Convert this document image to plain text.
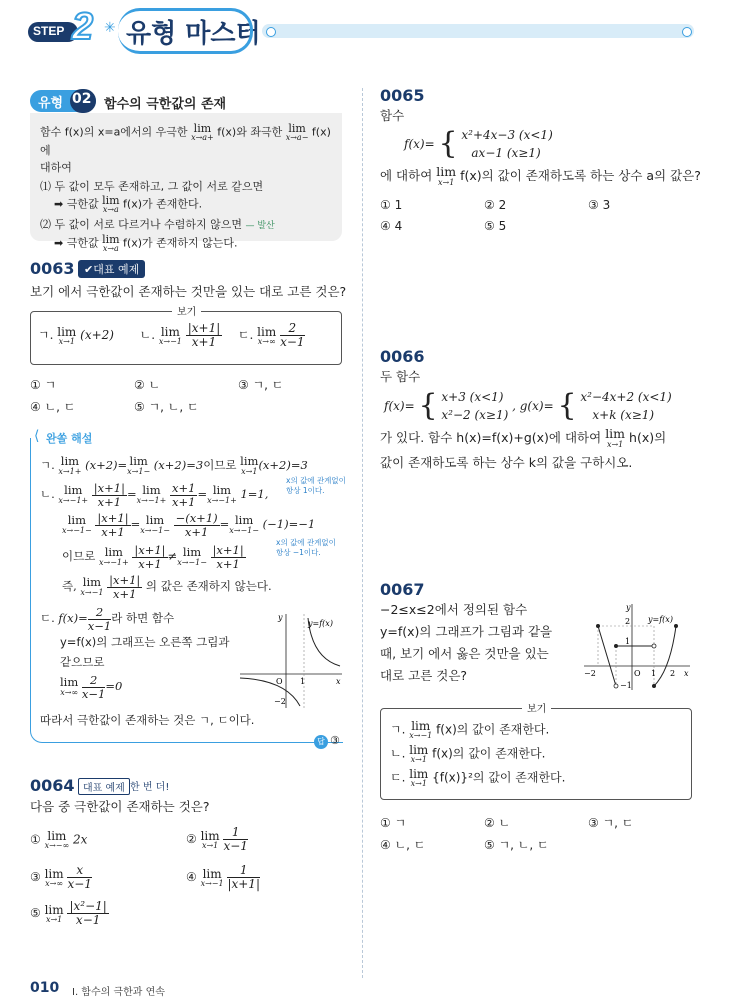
STEP 2 ✳ 유형 마스터
유형 02 함수의 극한값의 존재
함수 f(x)의 x=a에서의 우극한 lim
x→a+ f(x)와 좌극한 lim
x→a− f(x)에
대하여
⑴ 두 값이 모두 존재하고, 그 값이 서로 같으면
➡ 극한값 lim
x→a f(x)가 존재한다.
⑵ 두 값이 서로 다르거나 수렴하지 않으면 — 발산
➡ 극한값 lim
x→a f(x)가 존재하지 않는다.
0063 ✔대표 예제
보기 에서 극한값이 존재하는 것만을 있는 대로 고른 것은?
보기
ㄱ. lim
x→1 (x+2) ㄴ. lim
x→−1
$\frac{|x+1|}{x+1}$ ㄷ. lim
x→∞
$\frac{2}{x-1}$
① ㄱ	② ㄴ	③ ㄱ, ㄷ
④ ㄴ, ㄷ	⑤ ㄱ, ㄴ, ㄷ
⟨ 완쏠 해설
ㄱ. lim
x→1+ (x+2)= lim
x→1− (x+2)=3이므로 lim
x→1 (x+2)=3
ㄴ. lim
x→−1+
$\frac{|x+1|}{x+1} = \lim$
x→−1+
$\frac{x+1}{x+1} = \lim$
x→−1+ 1=1,
x의 값에 관계없이 항상 1이다.
lim
x→−1−
$\frac{|x+1|}{x+1} = \lim$
x→−1−
$\frac{-(x+1)}{x+1} = \lim$
x→−1− (−1)=−1
x의 값에 관계없이 항상 −1이다.
이므로 lim
x→−1+
$\frac{|x+1|}{x+1} \ne \lim$
x→−1−
$\frac{|x+1|}{x+1}$
즉, lim
x→−1
$\frac{|x+1|}{x+1}$ 의 값은 존재하지 않는다.
ㄷ. $f(x)= \frac{2}{x-1}$ 라 하면 함수
y=f(x)의 그래프는 오른쪽 그림과
같으므로
lim
x→∞
$\frac{2}{x-1} =0$
따라서 극한값이 존재하는 것은 ㄱ, ㄷ이다.
답 ③
y
y=f(x)
O 1	x
−2
0064 대표 예제 한 번 더!
다음 중 극한값이 존재하는 것은?
① lim
x→−∞ 2x	② lim
x→1
$\frac{1}{x-1}$
③ lim
x→∞
$\frac{x}{x-1}$	④ lim
x→−1
$\frac{1}{|x+1|}$
⑤ lim
x→1
$\frac{\text{|x²−1|}}{x-1}$
010 Ⅰ. 함수의 극한과 연속
0065
함수
f(x)= { x²+4x−3 (x<1)
ax−1 (x≥1)
에 대하여 lim
x→1 f(x)의 값이 존재하도록 하는 상수 a의 값은?
① 1	② 2	③ 3
④ 4	⑤ 5
0066
두 함수
f(x)= { x+3 (x<1)
x²−2 (x≥1)
, g(x)= { x²−4x+2 (x<1)
x+k (x≥1)
가 있다. 함수 h(x)=f(x)+g(x)에 대하여 lim
x→1 h(x)의
값이 존재하도록 하는 상수 k의 값을 구하시오.
0067
−2≤x≤2에서 정의된 함수
y=f(x)의 그래프가 그림과 같을
때, 보기 에서 옳은 것만을 있는
대로 고른 것은?
y
y=f(x)
2
1
−1
−2	O 1 2 x
보기
ㄱ. lim
x→−1 f(x)의 값이 존재한다.
ㄴ. lim
x→1 f(x)의 값이 존재한다.
ㄷ. lim
x→1 {f(x)}²의 값이 존재한다.
① ㄱ	② ㄴ	③ ㄱ, ㄷ
④ ㄴ, ㄷ	⑤ ㄱ, ㄴ, ㄷ
